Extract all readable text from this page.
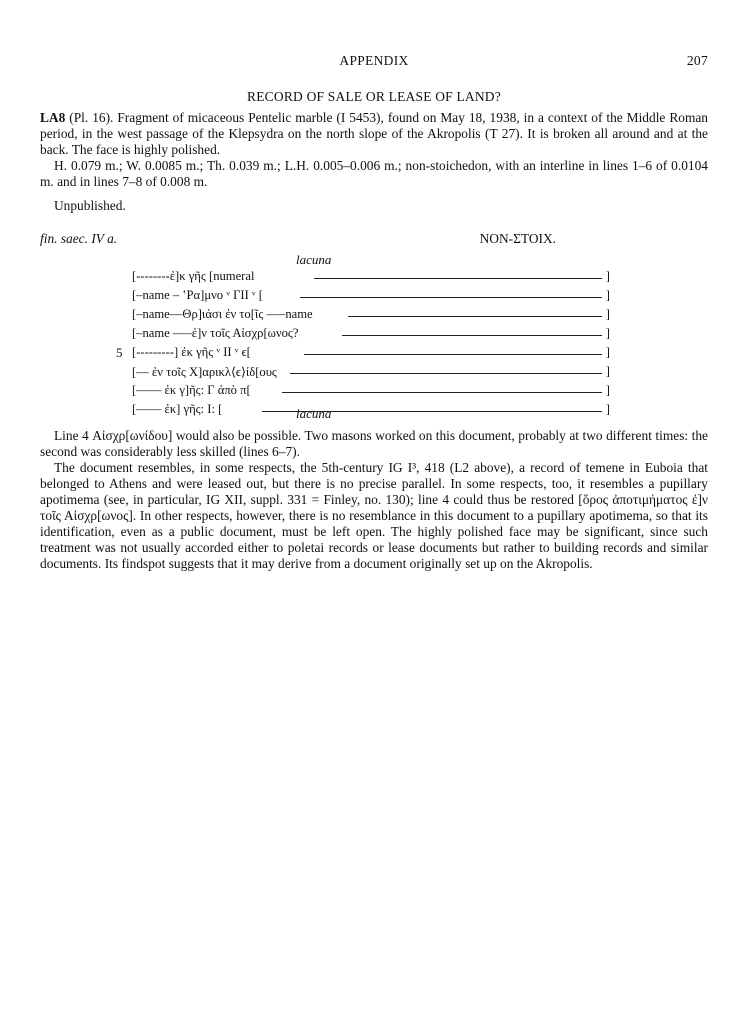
APPENDIX	207
RECORD OF SALE OR LEASE OF LAND?
LA8 (Pl. 16). Fragment of micaceous Pentelic marble (I 5453), found on May 18, 1938, in a context of the Middle Roman period, in the west passage of the Klepsydra on the north slope of the Akropolis (T 27). It is broken all around and at the back. The face is highly polished.
H. 0.079 m.; W. 0.0085 m.; Th. 0.039 m.; L.H. 0.005–0.006 m.; non-stoichedon, with an interline in lines 1–6 of 0.0104 m. and in lines 7–8 of 0.008 m.
Unpublished.
fin. saec. IV a.	NON-ΣΤΟΙΧ.
lacuna
[--------ἐ]κ γῆς [numeral	]
[–name – ʽΡα]μνο ᵛ ΓΙΙ ᵛ [	]
[–name––Θρ]ιάσι ἐν το[ῖς –––name	]
[–name –––ἐ]ν τοῖς Αἰσχρ[ωνος?	]
5 [---------] ἐκ γῆς ᵛ ΙΙ ᵛ ϵ[	]
[–– ἐν τοῖς Χ]αρικλ⟨ϵ⟩ίδ[ους	]
[–––– ἐκ γ]ῆς: Γ ἀπὸ π[	]
[–––– ἐκ] γῆς: Ι: [	]
lacuna
Line 4 Αἰσχρ[ωνίδου] would also be possible. Two masons worked on this document, probably at two different times: the second was considerably less skilled (lines 6–7).
The document resembles, in some respects, the 5th-century IG I³, 418 (L2 above), a record of temene in Euboia that belonged to Athens and were leased out, but there is no precise parallel. In some respects, too, it resembles a pupillary apotimema (see, in particular, IG XII, suppl. 331 = Finley, no. 130); line 4 could thus be restored [ὅρος ἀποτιμήματος ἐ]ν τοῖς Αἰσχρ[ωνος]. In other respects, however, there is no resemblance in this document to a pupillary apotimema, so that its identification, even as a public document, must be left open. The highly polished face may be significant, since such treatment was not usually accorded either to poletai records or lease documents but rather to building records and similar documents. Its findspot suggests that it may derive from a document originally set up on the Akropolis.
